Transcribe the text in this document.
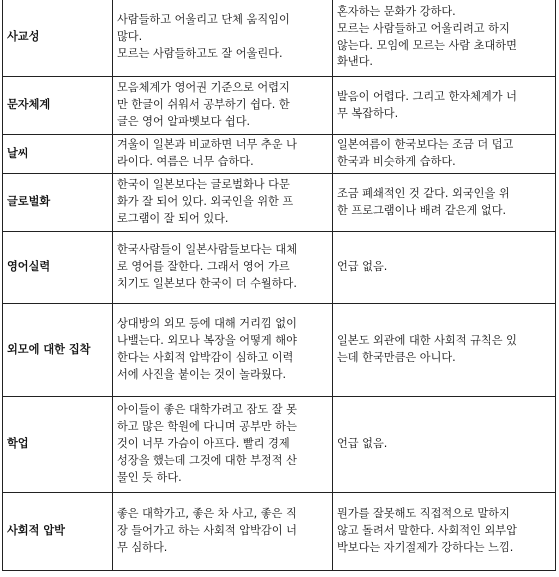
사교성	사람들하고 어울리고 단체 움직임이
많다.
모르는 사람들하고도 잘 어울린다.	혼자하는 문화가 강하다.
모르는 사람들하고 어울리려고 하지
않는다. 모임에 모르는 사람 초대하면
화낸다.

문자체계	모음체계가 영어권 기준으로 어렵지
만 한글이 쉬워서 공부하기 쉽다. 한
글은 영어 알파벳보다 쉽다.	발음이 어렵다. 그리고 한자체계가 너
무 복잡하다.

날씨	겨울이 일본과 비교하면 너무 추운 나
라이다. 여름은 너무 습하다.	일본여름이 한국보다는 조금 더 덥고
한국과 비슷하게 습하다.

글로벌화	한국이 일본보다는 글로벌화나 다문
화가 잘 되어 있다. 외국인을 위한 프
로그램이 잘 되어 있다.	조금 폐쇄적인 것 같다. 외국인을 위
한 프로그램이나 배려 같은게 없다.

영어실력	한국사람들이 일본사람들보다는 대체
로 영어를 잘한다. 그래서 영어 가르
치기도 일본보다 한국이 더 수월하다.	언급 없음.

외모에 대한 집착	상대방의 외모 등에 대해 거리낌 없이
나밸는다. 외모나 복장을 어떻게 해야
한다는 사회적 압박감이 심하고 이력
서에 사진을 붙이는 것이 놀라웠다.	일본도 외관에 대한 사회적 규칙은 있
는데 한국만큼은 아니다.

학업	아이들이 좋은 대학가려고 잠도 잘 못
하고 많은 학원에 다니며 공부만 하는
것이 너무 가슴이 아프다. 빨리 경제
성장을 했는데 그것에 대한 부정적 산
물인 듯 하다.	언급 없음.

사회적 압박	좋은 대학가고, 좋은 차 사고, 좋은 직
장 들어가고 하는 사회적 압박감이 너
무 심하다.	뭔가를 잘못해도 직접적으로 말하지
않고 돌려서 말한다. 사회적인 외부압
박보다는 자기절제가 강하다는 느낌.
